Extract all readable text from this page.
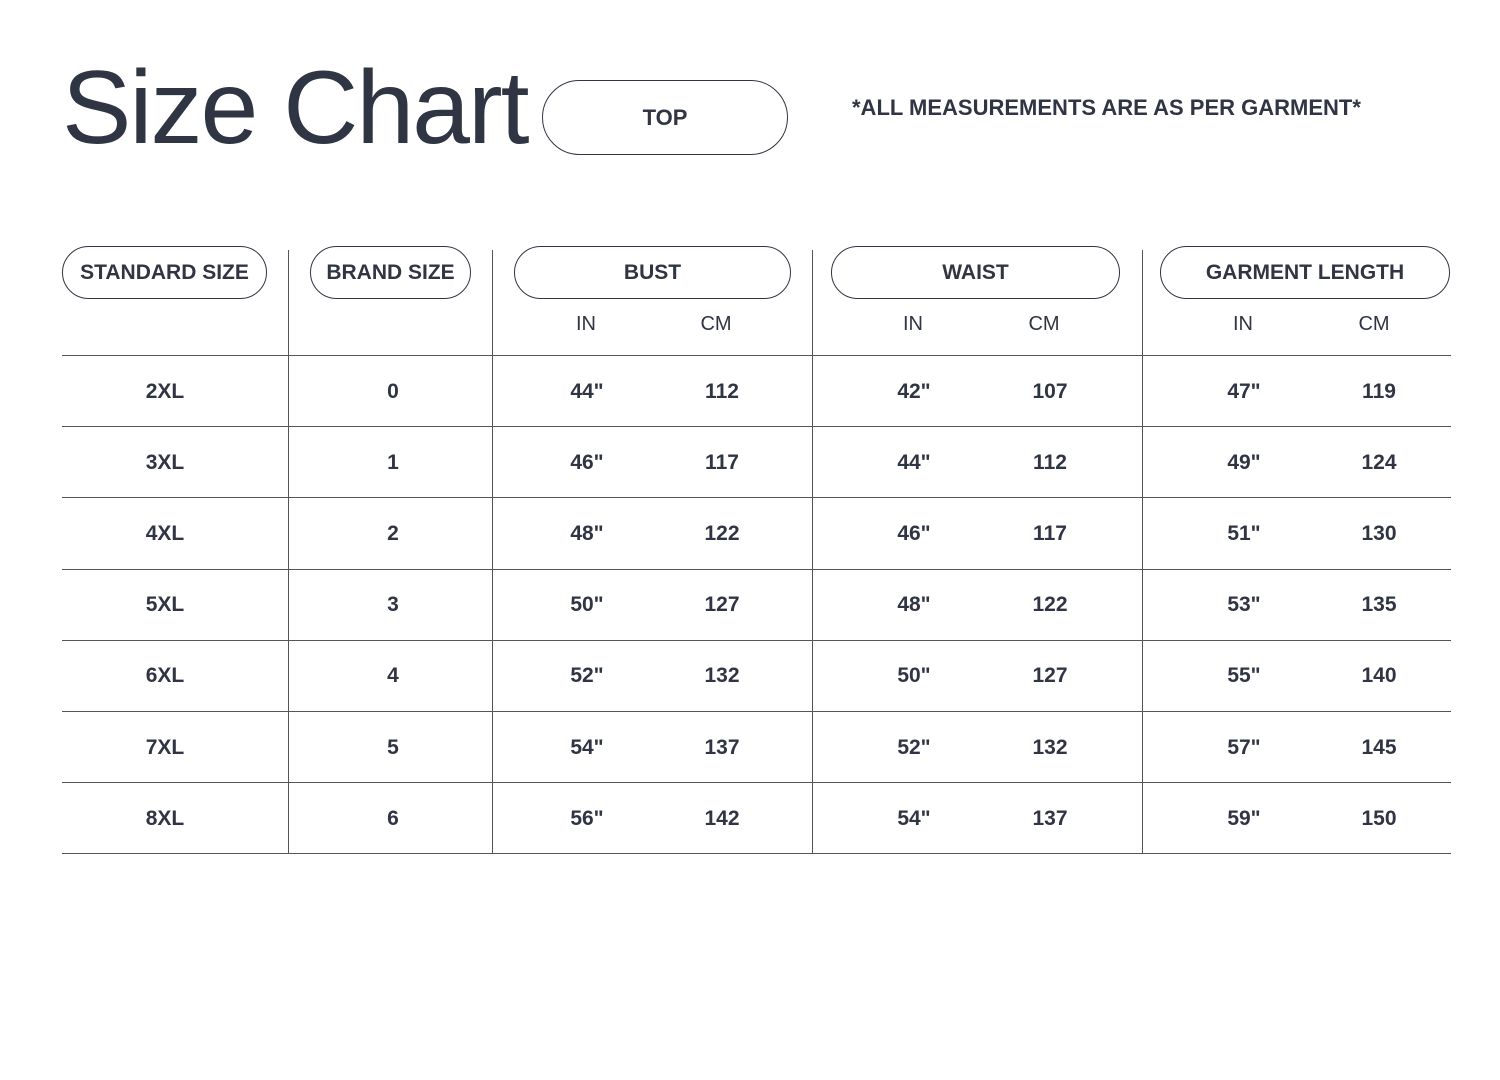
Size Chart	TOP	*ALL MEASUREMENTS ARE AS PER GARMENT*
STANDARD SIZE	BRAND SIZE	BUST	WAIST	GARMENT LENGTH
IN	CM	IN	CM	IN	CM
2XL	0	44"	112	42"	107	47"	119
3XL	1	46"	117	44"	112	49"	124
4XL	2	48"	122	46"	117	51"	130
5XL	3	50"	127	48"	122	53"	135
6XL	4	52"	132	50"	127	55"	140
7XL	5	54"	137	52"	132	57"	145
8XL	6	56"	142	54"	137	59"	150
